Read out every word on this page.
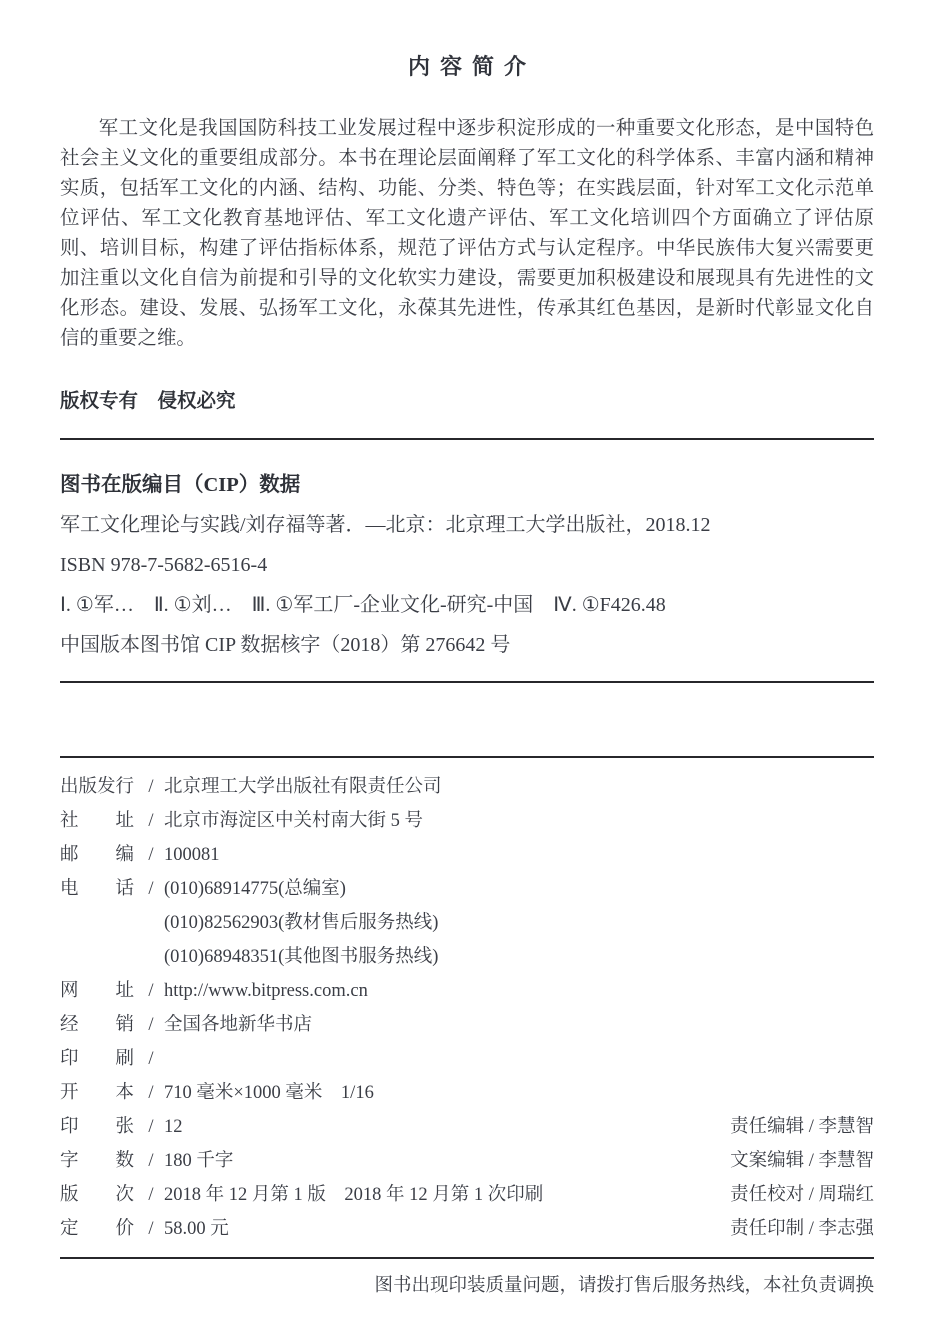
内容简介

军工文化是我国国防科技工业发展过程中逐步积淀形成的一种重要文化形态，是中国特色社会主义文化的重要组成部分。本书在理论层面阐释了军工文化的科学体系、丰富内涵和精神实质，包括军工文化的内涵、结构、功能、分类、特色等；在实践层面，针对军工文化示范单位评估、军工文化教育基地评估、军工文化遗产评估、军工文化培训四个方面确立了评估原则、培训目标，构建了评估指标体系，规范了评估方式与认定程序。中华民族伟大复兴需要更加注重以文化自信为前提和引导的文化软实力建设，需要更加积极建设和展现具有先进性的文化形态。建设、发展、弘扬军工文化，永葆其先进性，传承其红色基因，是新时代彰显文化自信的重要之维。

版权专有　侵权必究

图书在版编目（CIP）数据

军工文化理论与实践/刘存福等著．—北京：北京理工大学出版社，2018.12

ISBN 978-7-5682-6516-4

Ⅰ. ①军…　Ⅱ. ①刘…　Ⅲ. ①军工厂-企业文化-研究-中国　Ⅳ. ①F426.48

中国版本图书馆 CIP 数据核字（2018）第 276642 号

出版发行 / 北京理工大学出版社有限责任公司
社　　址 / 北京市海淀区中关村南大街 5 号
邮　　编 / 100081
电　　话 / (010)68914775(总编室)
(010)82562903(教材售后服务热线)
(010)68948351(其他图书服务热线)
网　　址 / http://www.bitpress.com.cn
经　　销 / 全国各地新华书店
印　　刷 /
开　　本 / 710 毫米×1000 毫米　1/16
印　　张 / 12	责任编辑 / 李慧智
字　　数 / 180 千字	文案编辑 / 李慧智
版　　次 / 2018 年 12 月第 1 版　2018 年 12 月第 1 次印刷	责任校对 / 周瑞红
定　　价 / 58.00 元	责任印制 / 李志强

图书出现印装质量问题，请拨打售后服务热线，本社负责调换
